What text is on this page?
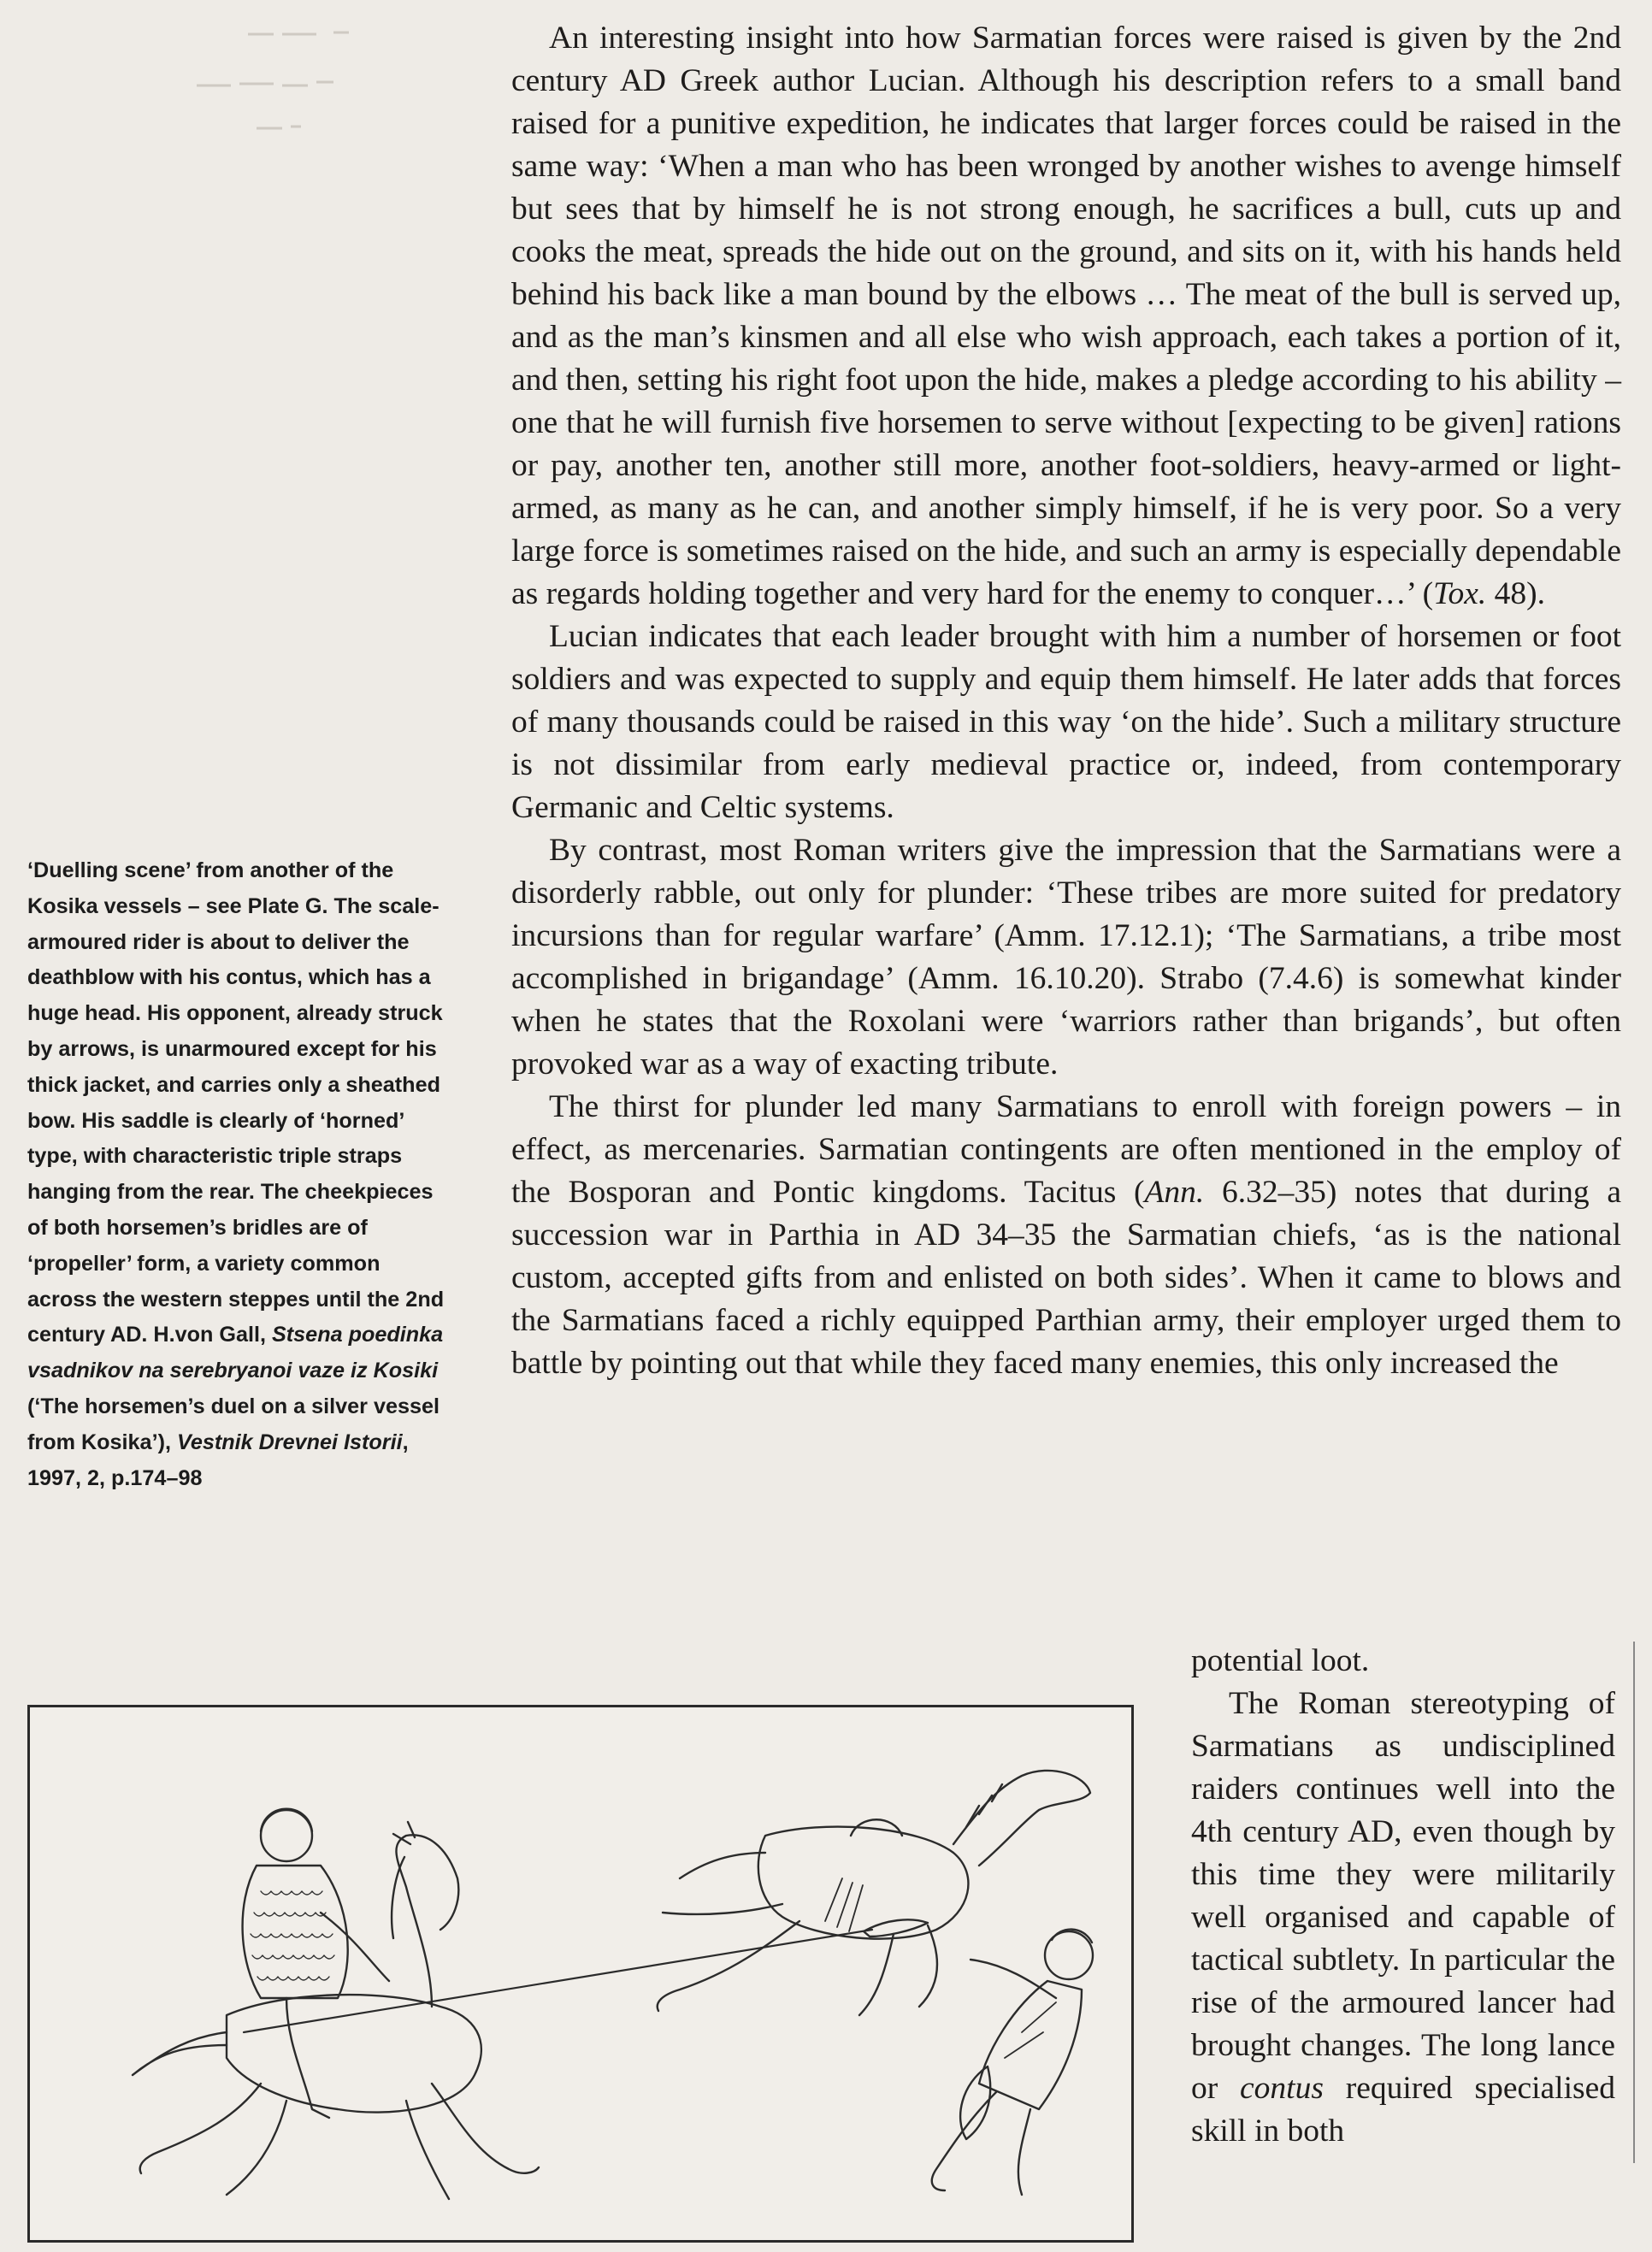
An interesting insight into how Sarmatian forces were raised is given by the 2nd century AD Greek author Lucian. Although his description refers to a small band raised for a punitive expedition, he indicates that larger forces could be raised in the same way: ‘When a man who has been wronged by another wishes to avenge himself but sees that by himself he is not strong enough, he sacrifices a bull, cuts up and cooks the meat, spreads the hide out on the ground, and sits on it, with his hands held behind his back like a man bound by the elbows … The meat of the bull is served up, and as the man’s kinsmen and all else who wish approach, each takes a portion of it, and then, setting his right foot upon the hide, makes a pledge according to his ability – one that he will furnish five horsemen to serve without [expecting to be given] rations or pay, another ten, another still more, another foot-soldiers, heavy-armed or light-armed, as many as he can, and another simply himself, if he is very poor. So a very large force is sometimes raised on the hide, and such an army is especially dependable as regards holding together and very hard for the enemy to conquer…’ (Tox. 48).

Lucian indicates that each leader brought with him a number of horsemen or foot soldiers and was expected to supply and equip them himself. He later adds that forces of many thousands could be raised in this way ‘on the hide’. Such a military structure is not dissimilar from early medieval practice or, indeed, from contemporary Germanic and Celtic systems.

By contrast, most Roman writers give the impression that the Sarmatians were a disorderly rabble, out only for plunder: ‘These tribes are more suited for predatory incursions than for regular warfare’ (Amm. 17.12.1); ‘The Sarmatians, a tribe most accomplished in brigandage’ (Amm. 16.10.20). Strabo (7.4.6) is somewhat kinder when he states that the Roxolani were ‘warriors rather than brigands’, but often provoked war as a way of exacting tribute.

The thirst for plunder led many Sarmatians to enroll with foreign powers – in effect, as mercenaries. Sarmatian contingents are often mentioned in the employ of the Bosporan and Pontic kingdoms. Tacitus (Ann. 6.32–35) notes that during a succession war in Parthia in AD 34–35 the Sarmatian chiefs, ‘as is the national custom, accepted gifts from and enlisted on both sides’. When it came to blows and the Sarmatians faced a richly equipped Parthian army, their employer urged them to battle by pointing out that while they faced many enemies, this only increased the

‘Duelling scene’ from another of the Kosika vessels – see Plate G. The scale-armoured rider is about to deliver the deathblow with his contus, which has a huge head. His opponent, already struck by arrows, is unarmoured except for his thick jacket, and carries only a sheathed bow. His saddle is clearly of ‘horned’ type, with characteristic triple straps hanging from the rear. The cheekpieces of both horsemen’s bridles are of ‘propeller’ form, a variety common across the western steppes until the 2nd century AD. H.von Gall, Stsena poedinka vsadnikov na serebryanoi vaze iz Kosiki (‘The horsemen’s duel on a silver vessel from Kosika’), Vestnik Drevnei Istorii, 1997, 2, p.174–98

potential loot.

The Roman stereotyping of Sarmatians as undisciplined raiders continues well into the 4th century AD, even though by this time they were militarily well organised and capable of tactical subtlety. In particular the rise of the armoured lancer had brought changes. The long lance or contus required specialised skill in both
